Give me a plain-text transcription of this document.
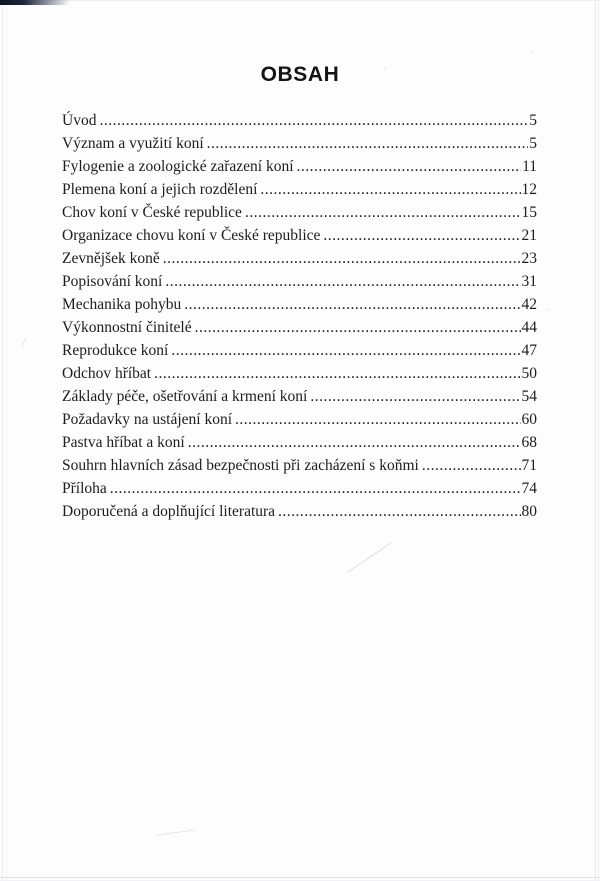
OBSAH
Úvod .....	5
Význam a využití koní .....	5
Fylogenie a zoologické zařazení koní .....	11
Plemena koní a jejich rozdělení .....	12
Chov koní v České republice .....	15
Organizace chovu koní v České republice .....	21
Zevnějšek koně .....	23
Popisování koní .....	31
Mechanika pohybu .....	42
Výkonnostní činitelé .....	44
Reprodukce koní .....	47
Odchov hříbat .....	50
Základy péče, ošetřování a krmení koní .....	54
Požadavky na ustájení koní .....	60
Pastva hříbat a koní .....	68
Souhrn hlavních zásad bezpečnosti při zacházení s koňmi .....	71
Příloha .....	74
Doporučená a doplňující literatura .....	80
